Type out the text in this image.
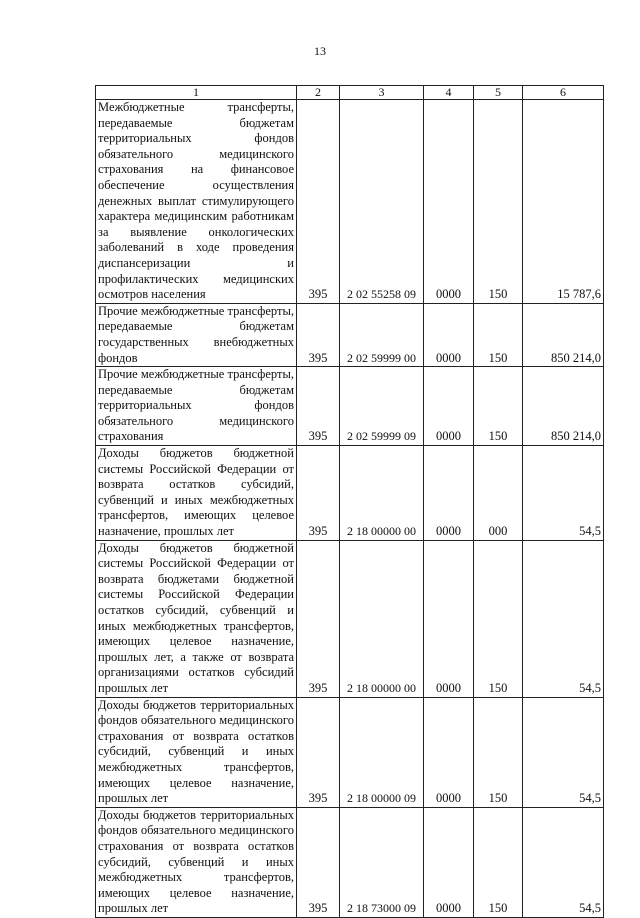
13
1	2	3	4	5	6
Межбюджетные трансферты, передаваемые бюджетам территориальных фондов обязательного медицинского страхования на финансовое обеспечение осуществления денежных выплат стимулирующего характера медицинским работникам за выявление онкологических заболеваний в ходе проведения диспансеризации и профилактических медицинских осмотров населения	395	2 02 55258 09	0000	150	15 787,6
Прочие межбюджетные трансферты, передаваемые бюджетам государственных внебюджетных фондов	395	2 02 59999 00	0000	150	850 214,0
Прочие межбюджетные трансферты, передаваемые бюджетам территориальных фондов обязательного медицинского страхования	395	2 02 59999 09	0000	150	850 214,0
Доходы бюджетов бюджетной системы Российской Федерации от возврата остатков субсидий, субвенций и иных межбюджетных трансфертов, имеющих целевое назначение, прошлых лет	395	2 18 00000 00	0000	000	54,5
Доходы бюджетов бюджетной системы Российской Федерации от возврата бюджетами бюджетной системы Российской Федерации остатков субсидий, субвенций и иных межбюджетных трансфертов, имеющих целевое назначение, прошлых лет, а также от возврата организациями остатков субсидий прошлых лет	395	2 18 00000 00	0000	150	54,5
Доходы бюджетов территориальных фондов обязательного медицинского страхования от возврата остатков субсидий, субвенций и иных межбюджетных трансфертов, имеющих целевое назначение, прошлых лет	395	2 18 00000 09	0000	150	54,5
Доходы бюджетов территориальных фондов обязательного медицинского страхования от возврата остатков субсидий, субвенций и иных межбюджетных трансфертов, имеющих целевое назначение, прошлых лет	395	2 18 73000 09	0000	150	54,5
